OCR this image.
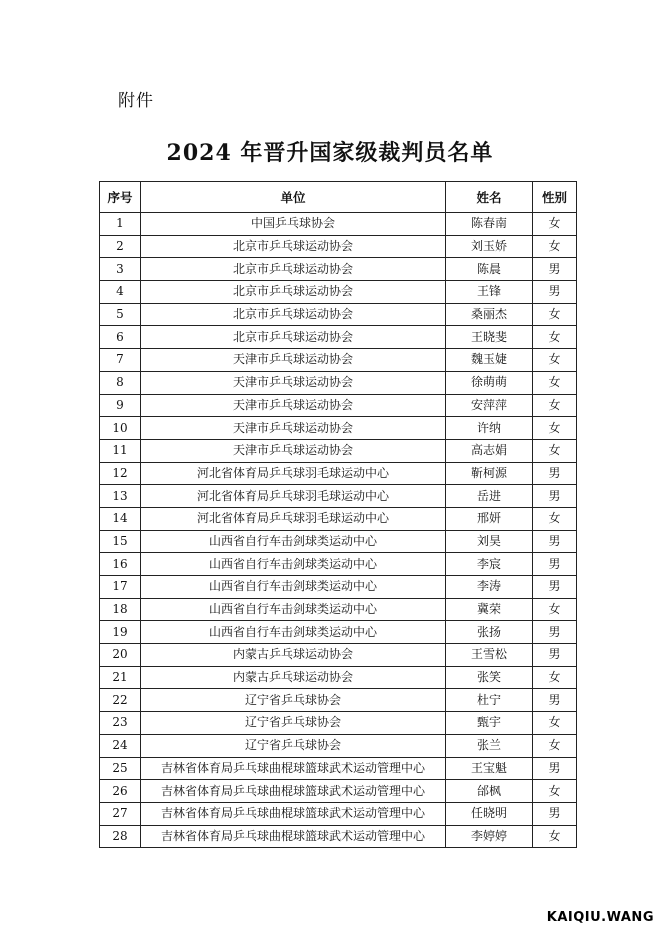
附件
2024 年晋升国家级裁判员名单
序号	单位	姓名	性别
1	中国乒乓球协会	陈春南	女
2	北京市乒乓球运动协会	刘玉娇	女
3	北京市乒乓球运动协会	陈晨	男
4	北京市乒乓球运动协会	王锋	男
5	北京市乒乓球运动协会	桑丽杰	女
6	北京市乒乓球运动协会	王晓斐	女
7	天津市乒乓球运动协会	魏玉婕	女
8	天津市乒乓球运动协会	徐萌萌	女
9	天津市乒乓球运动协会	安萍萍	女
10	天津市乒乓球运动协会	许纳	女
11	天津市乒乓球运动协会	高志娟	女
12	河北省体育局乒乓球羽毛球运动中心	靳柯源	男
13	河北省体育局乒乓球羽毛球运动中心	岳进	男
14	河北省体育局乒乓球羽毛球运动中心	邢妍	女
15	山西省自行车击剑球类运动中心	刘昊	男
16	山西省自行车击剑球类运动中心	李宸	男
17	山西省自行车击剑球类运动中心	李涛	男
18	山西省自行车击剑球类运动中心	冀荣	女
19	山西省自行车击剑球类运动中心	张扬	男
20	内蒙古乒乓球运动协会	王雪松	男
21	内蒙古乒乓球运动协会	张笑	女
22	辽宁省乒乓球协会	杜宁	男
23	辽宁省乒乓球协会	甄宇	女
24	辽宁省乒乓球协会	张兰	女
25	吉林省体育局乒乓球曲棍球篮球武术运动管理中心	王宝魁	男
26	吉林省体育局乒乓球曲棍球篮球武术运动管理中心	邰枫	女
27	吉林省体育局乒乓球曲棍球篮球武术运动管理中心	任晓明	男
28	吉林省体育局乒乓球曲棍球篮球武术运动管理中心	李婷婷	女
KAIQIU.WANG
